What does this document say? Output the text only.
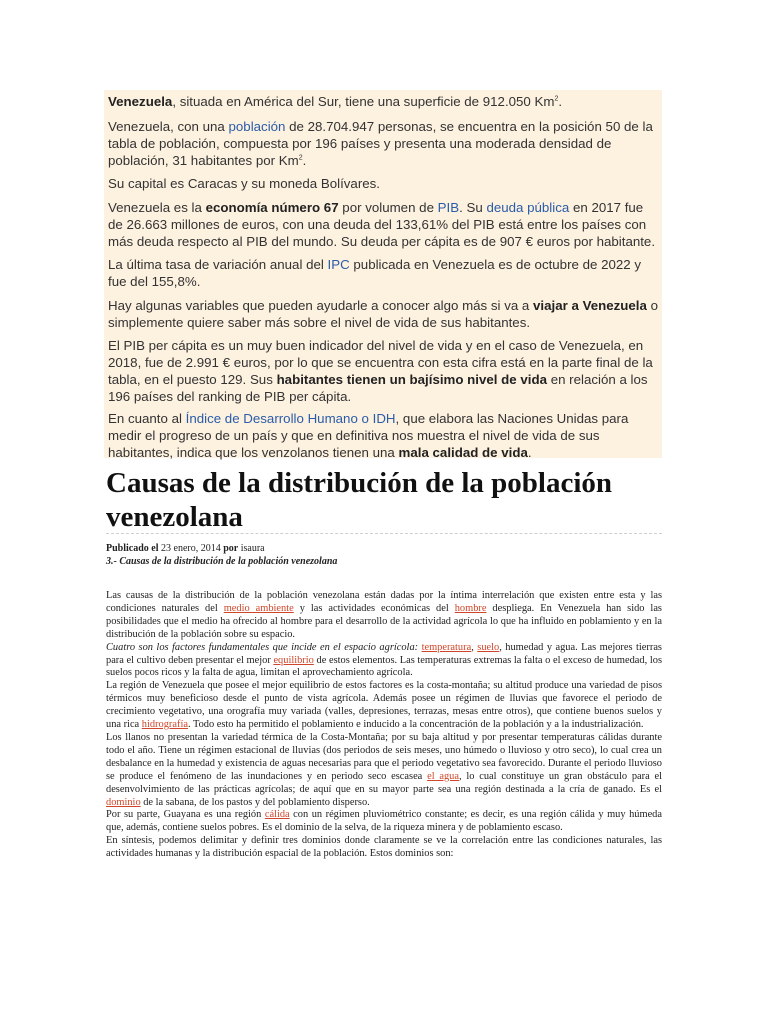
Venezuela, situada en América del Sur, tiene una superficie de 912.050 Km$^2$.

Venezuela, con una población de 28.704.947 personas, se encuentra en la posición 50 de la tabla de población, compuesta por 196 países y presenta una moderada densidad de población, 31 habitantes por Km$^2$.

Su capital es Caracas y su moneda Bolívares.

Venezuela es la economía número 67 por volumen de PIB. Su deuda pública en 2017 fue de 26.663 millones de euros, con una deuda del 133,61% del PIB está entre los países con más deuda respecto al PIB del mundo. Su deuda per cápita es de 907 € euros por habitante.

La última tasa de variación anual del IPC publicada en Venezuela es de octubre de 2022 y fue del 155,8%.

Hay algunas variables que pueden ayudarle a conocer algo más si va a viajar a Venezuela o simplemente quiere saber más sobre el nivel de vida de sus habitantes.

El PIB per cápita es un muy buen indicador del nivel de vida y en el caso de Venezuela, en 2018, fue de 2.991 € euros, por lo que se encuentra con esta cifra está en la parte final de la tabla, en el puesto 129. Sus habitantes tienen un bajísimo nivel de vida en relación a los 196 países del ranking de PIB per cápita.

En cuanto al Índice de Desarrollo Humano o IDH, que elabora las Naciones Unidas para medir el progreso de un país y que en definitiva nos muestra el nivel de vida de sus habitantes, indica que los venzolanos tienen una mala calidad de vida.

Causas de la distribución de la población venezolana
Publicado el 23 enero, 2014 por isaura
3.- Causas de la distribución de la población venezolana

Las causas de la distribución de la población venezolana están dadas por la íntima interrelación que existen entre esta y las condiciones naturales del medio ambiente y las actividades económicas del hombre despliega. En Venezuela han sido las posibilidades que el medio ha ofrecido al hombre para el desarrollo de la actividad agrícola lo que ha influido en poblamiento y en la distribución de la población sobre su espacio.

Cuatro son los factores fundamentales que incide en el espacio agrícola: temperatura, suelo, humedad y agua. Las mejores tierras para el cultivo deben presentar el mejor equilibrio de estos elementos. Las temperaturas extremas la falta o el exceso de humedad, los suelos pocos ricos y la falta de agua, limitan el aprovechamiento agrícola.

La región de Venezuela que posee el mejor equilibrio de estos factores es la costa-montaña; su altitud produce una variedad de pisos térmicos muy beneficioso desde el punto de vista agrícola. Además posee un régimen de lluvias que favorece el periodo de crecimiento vegetativo, una orografía muy variada (valles, depresiones, terrazas, mesas entre otros), que contiene buenos suelos y una rica hidrografía. Todo esto ha permitido el poblamiento e inducido a la concentración de la población y a la industrialización.

Los llanos no presentan la variedad térmica de la Costa-Montaña; por su baja altitud y por presentar temperaturas cálidas durante todo el año. Tiene un régimen estacional de lluvias (dos periodos de seis meses, uno húmedo o lluvioso y otro seco), lo cual crea un desbalance en la humedad y existencia de aguas necesarias para que el periodo vegetativo sea favorecido. Durante el periodo lluvioso se produce el fenómeno de las inundaciones y en periodo seco escasea el agua, lo cual constituye un gran obstáculo para el desenvolvimiento de las prácticas agrícolas; de aquí que en su mayor parte sea una región destinada a la cría de ganado. Es el dominio de la sabana, de los pastos y del poblamiento disperso.

Por su parte, Guayana es una región cálida con un régimen pluviométrico constante; es decir, es una región cálida y muy húmeda que, además, contiene suelos pobres. Es el dominio de la selva, de la riqueza minera y de poblamiento escaso.

En síntesis, podemos delimitar y definir tres dominios donde claramente se ve la correlación entre las condiciones naturales, las actividades humanas y la distribución espacial de la población. Estos dominios son:
